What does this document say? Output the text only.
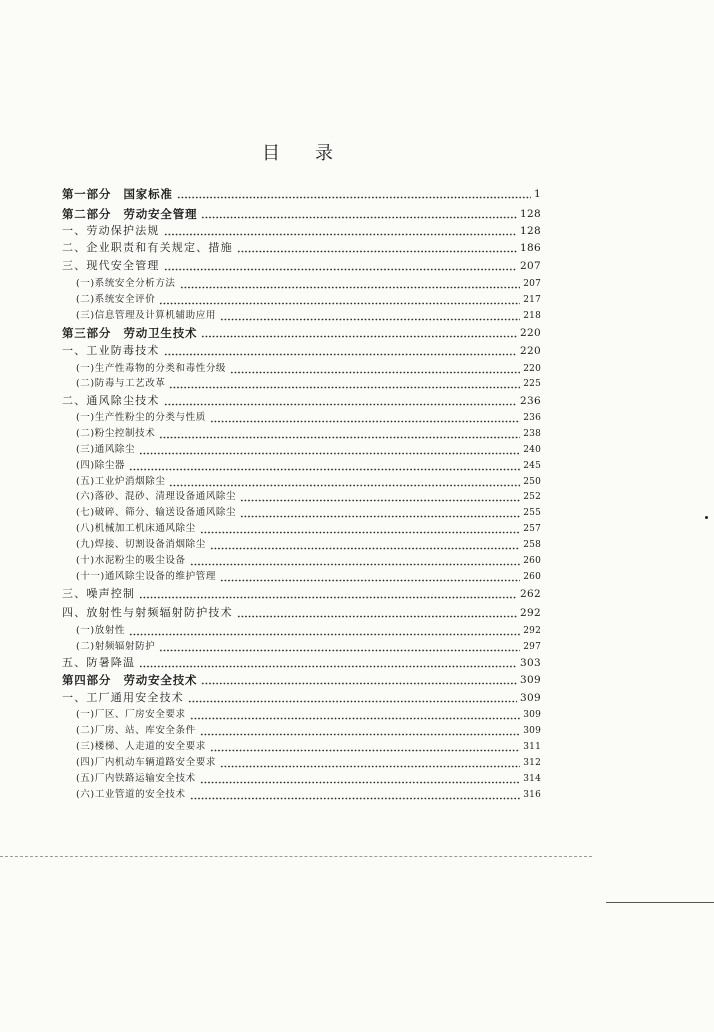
目录
第一部分　国家标准	1
第二部分　劳动安全管理	128
一、劳动保护法规	128
二、企业职责和有关规定、措施	186
三、现代安全管理	207
(一)系统安全分析方法	207
(二)系统安全评价	217
(三)信息管理及计算机辅助应用	218
第三部分　劳动卫生技术	220
一、工业防毒技术	220
(一)生产性毒物的分类和毒性分级	220
(二)防毒与工艺改革	225
二、通风除尘技术	236
(一)生产性粉尘的分类与性质	236
(二)粉尘控制技术	238
(三)通风除尘	240
(四)除尘器	245
(五)工业炉消烟除尘	250
(六)落砂、混砂、清理设备通风除尘	252
(七)破碎、筛分、输送设备通风除尘	255
(八)机械加工机床通风除尘	257
(九)焊接、切割设备消烟除尘	258
(十)水泥粉尘的吸尘设备	260
(十一)通风除尘设备的维护管理	260
三、噪声控制	262
四、放射性与射频辐射防护技术	292
(一)放射性	292
(二)射频辐射防护	297
五、防暑降温	303
第四部分　劳动安全技术	309
一、工厂通用安全技术	309
(一)厂区、厂房安全要求	309
(二)厂房、站、库安全条件	309
(三)楼梯、人走道的安全要求	311
(四)厂内机动车辆道路安全要求	312
(五)厂内铁路运输安全技术	314
(六)工业管道的安全技术	316
